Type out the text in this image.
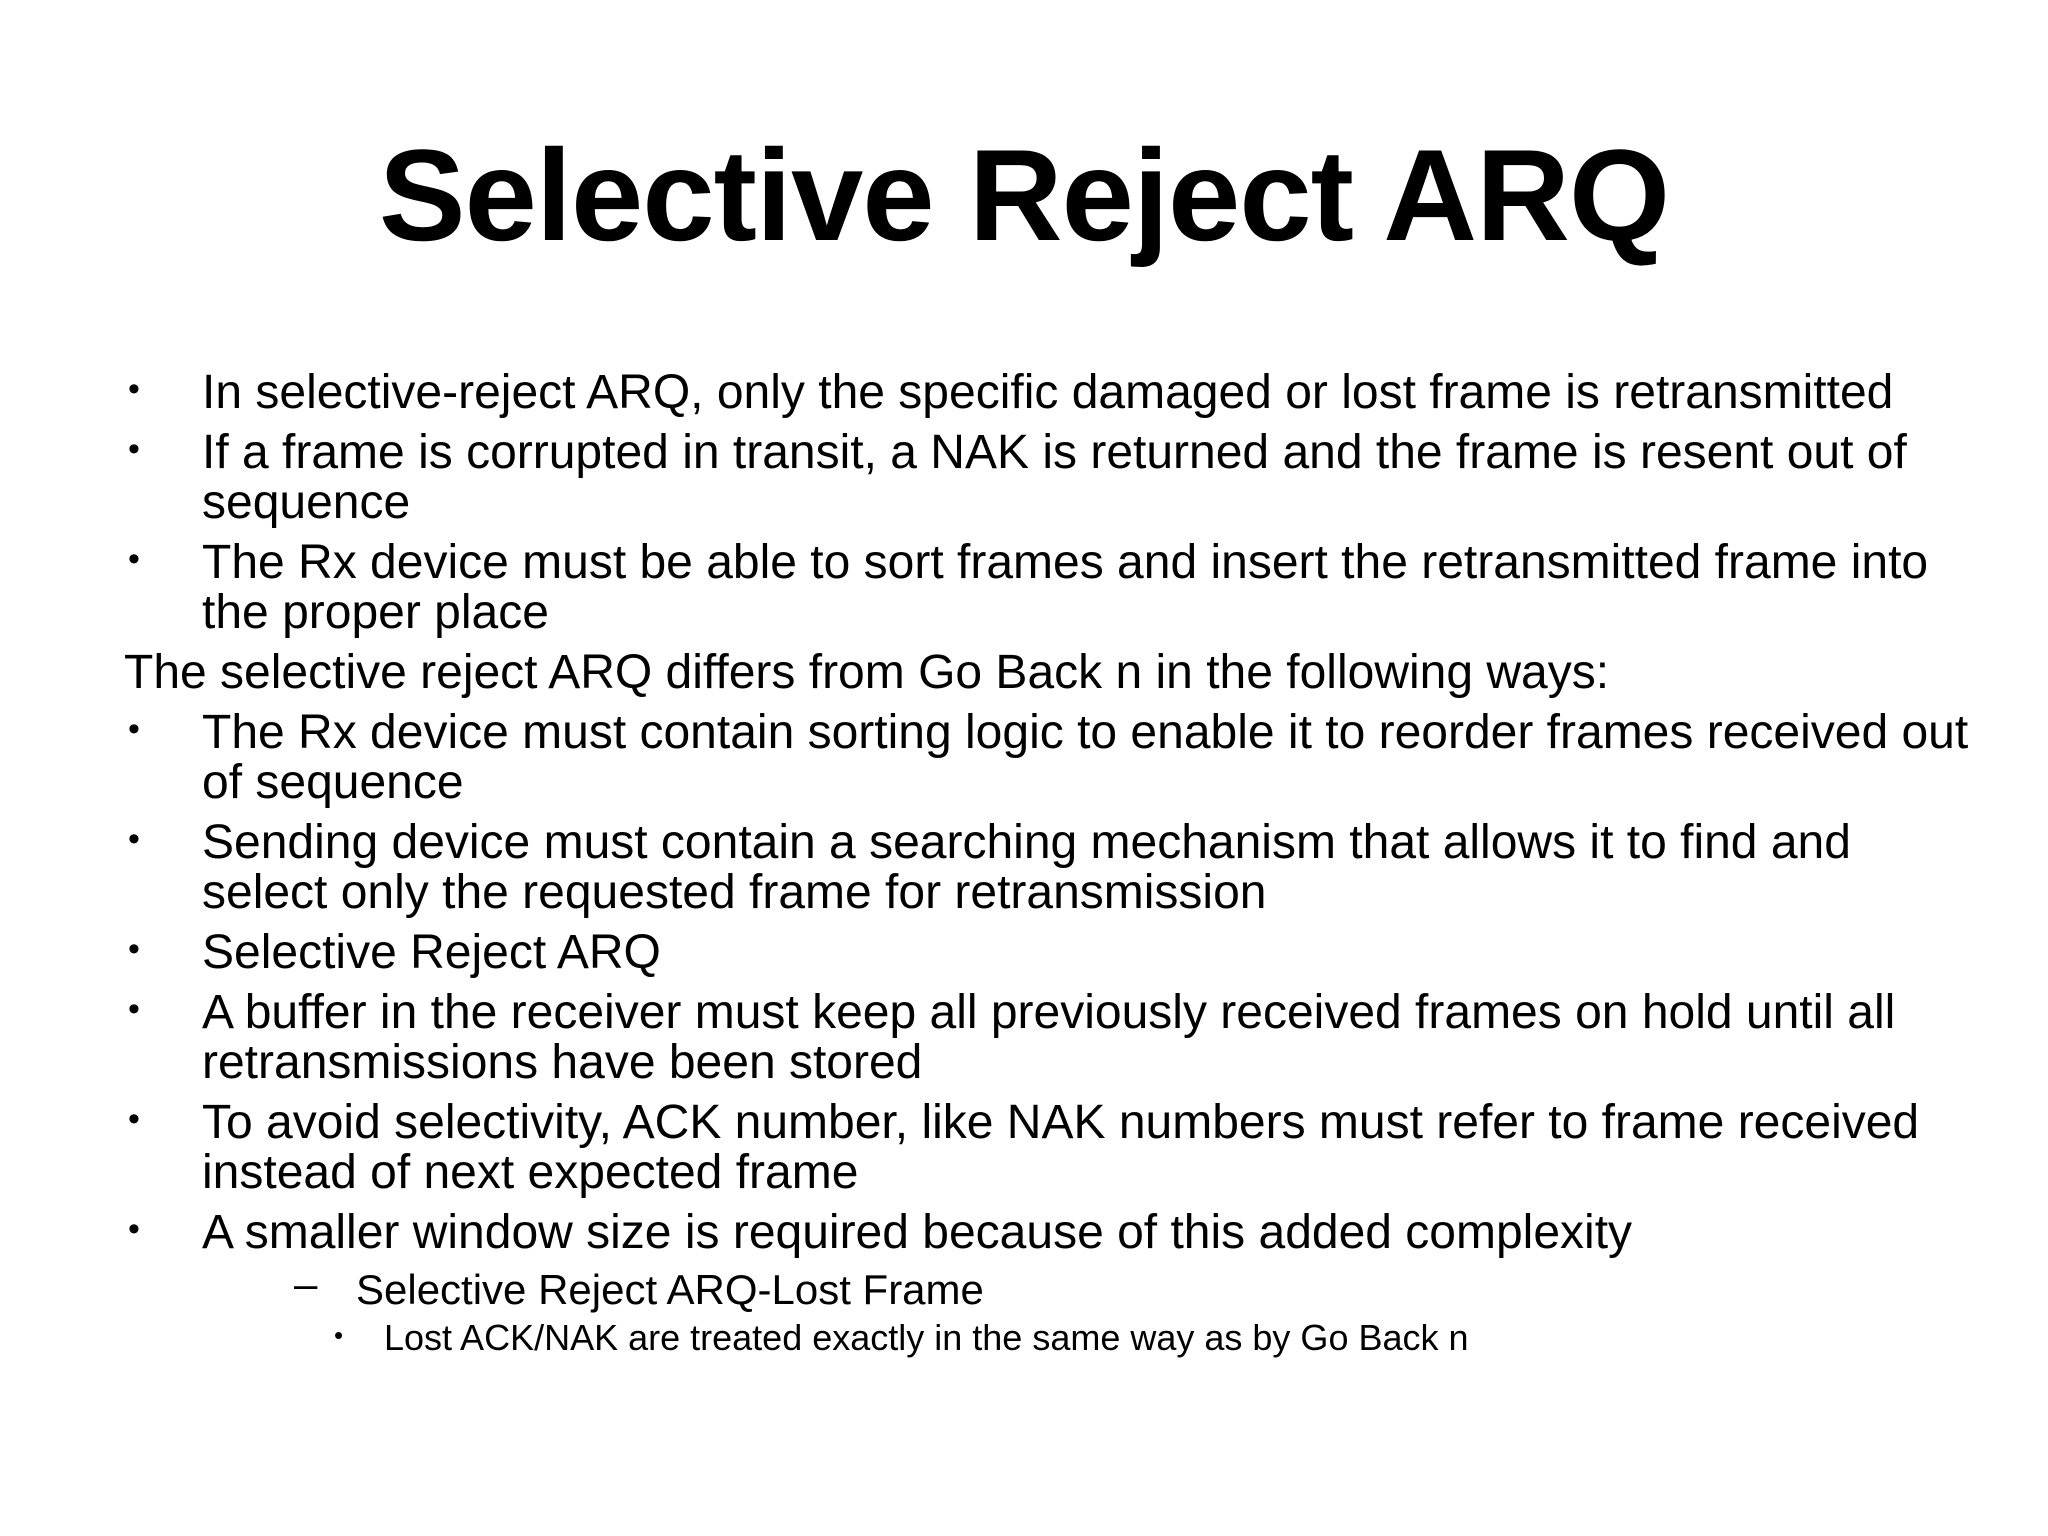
Selective Reject ARQ
• In selective-reject ARQ, only the specific damaged or lost frame is retransmitted
• If a frame is corrupted in transit, a NAK is returned and the frame is resent out of sequence
• The Rx device must be able to sort frames and insert the retransmitted frame into the proper place
The selective reject ARQ differs from Go Back n in the following ways:
• The Rx device must contain sorting logic to enable it to reorder frames received out of sequence
• Sending device must contain a searching mechanism that allows it to find and select only the requested frame for retransmission
• Selective Reject ARQ
• A buffer in the receiver must keep all previously received frames on hold until all retransmissions have been stored
• To avoid selectivity, ACK number, like NAK numbers must refer to frame received instead of next expected frame
• A smaller window size is required because of this added complexity
– Selective Reject ARQ-Lost Frame
• Lost ACK/NAK are treated exactly in the same way as by Go Back n
